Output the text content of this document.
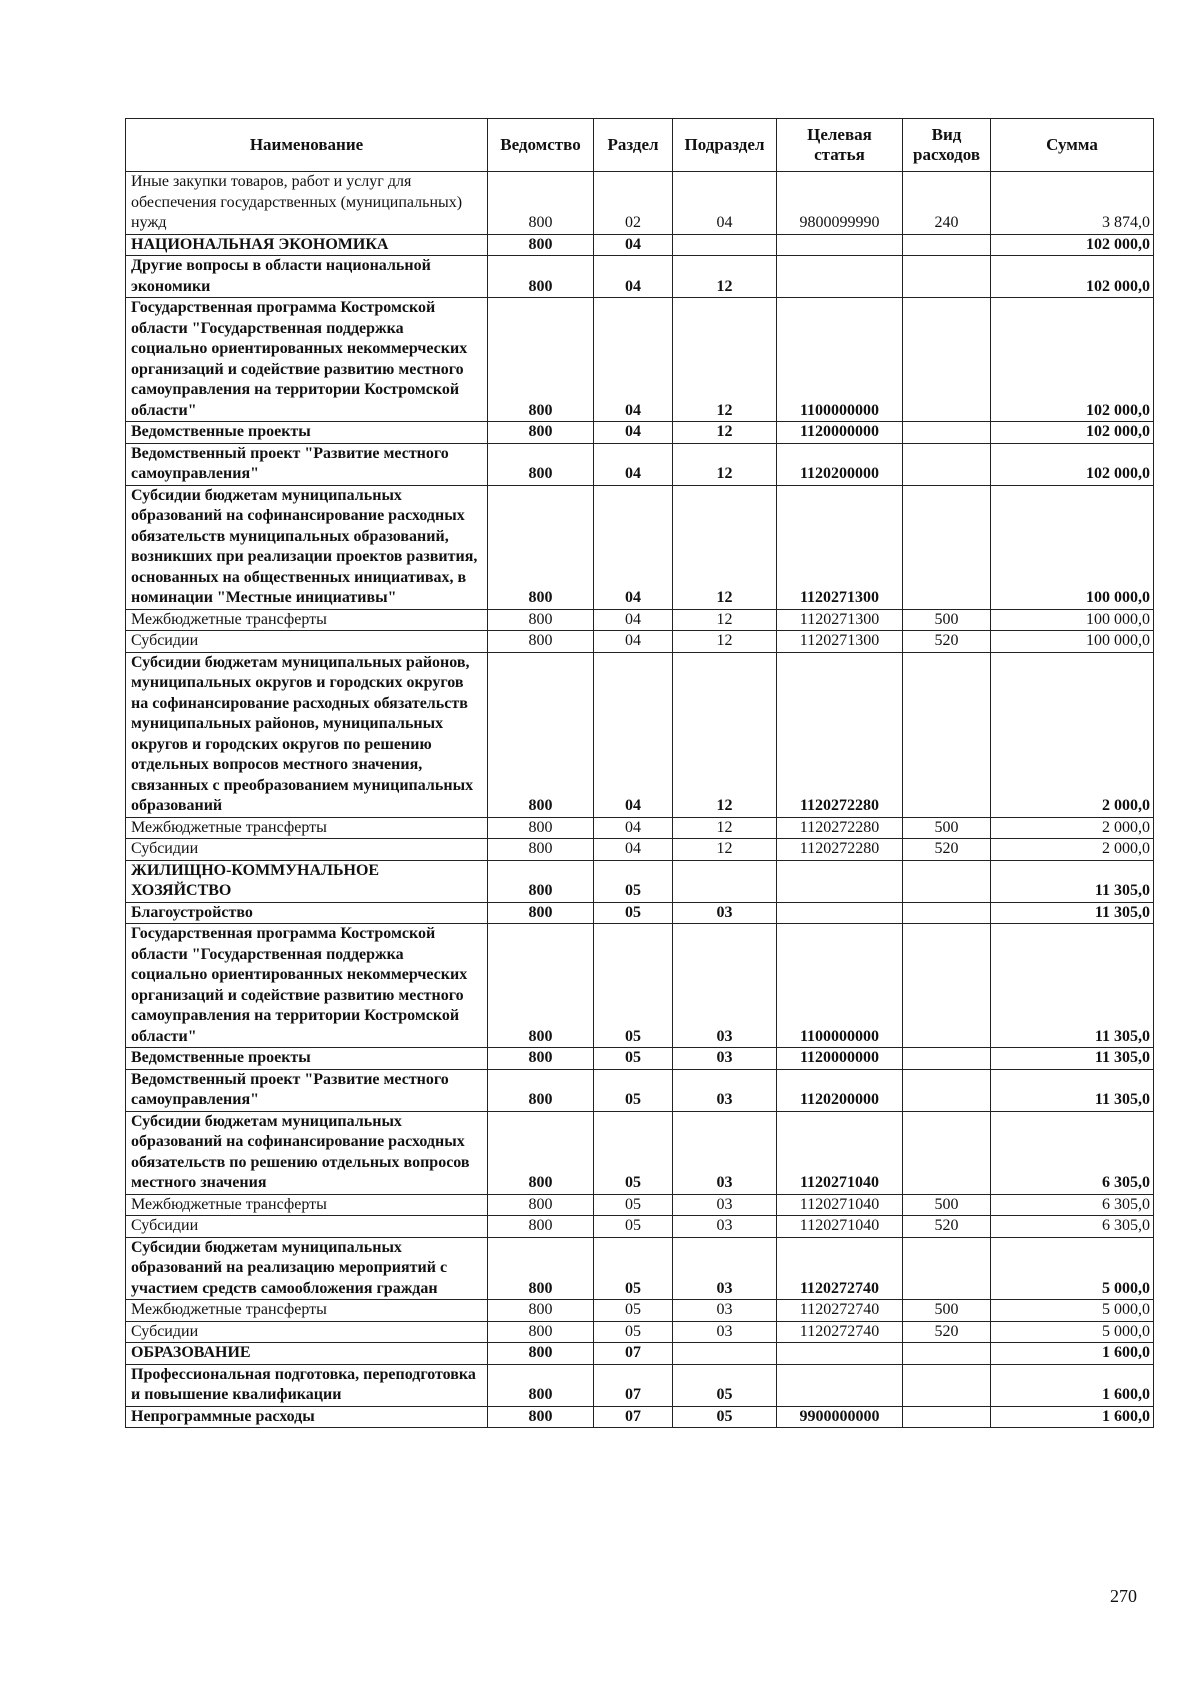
Наименование	Ведомство	Раздел	Подраздел	Целевая статья	Вид расходов	Сумма
Иные закупки товаров, работ и услуг для обеспечения государственных (муниципальных) нужд	800	02	04	9800099990	240	3 874,0
НАЦИОНАЛЬНАЯ ЭКОНОМИКА	800	04				102 000,0
Другие вопросы в области национальной экономики	800	04	12			102 000,0
Государственная программа Костромской области "Государственная поддержка социально ориентированных некоммерческих организаций и содействие развитию местного самоуправления на территории Костромской области"	800	04	12	1100000000		102 000,0
Ведомственные проекты	800	04	12	1120000000		102 000,0
Ведомственный проект "Развитие местного самоуправления"	800	04	12	1120200000		102 000,0
Субсидии бюджетам муниципальных образований на софинансирование расходных обязательств муниципальных образований, возникших при реализации проектов развития, основанных на общественных инициативах, в номинации "Местные инициативы"	800	04	12	1120271300		100 000,0
Межбюджетные трансферты	800	04	12	1120271300	500	100 000,0
Субсидии	800	04	12	1120271300	520	100 000,0
Субсидии бюджетам муниципальных районов, муниципальных округов и городских округов на софинансирование расходных обязательств муниципальных районов, муниципальных округов и городских округов по решению отдельных вопросов местного значения, связанных с преобразованием муниципальных образований	800	04	12	1120272280		2 000,0
Межбюджетные трансферты	800	04	12	1120272280	500	2 000,0
Субсидии	800	04	12	1120272280	520	2 000,0
ЖИЛИЩНО-КОММУНАЛЬНОЕ ХОЗЯЙСТВО	800	05				11 305,0
Благоустройство	800	05	03			11 305,0
Государственная программа Костромской области "Государственная поддержка социально ориентированных некоммерческих организаций и содействие развитию местного самоуправления на территории Костромской области"	800	05	03	1100000000		11 305,0
Ведомственные проекты	800	05	03	1120000000		11 305,0
Ведомственный проект "Развитие местного самоуправления"	800	05	03	1120200000		11 305,0
Субсидии бюджетам муниципальных образований на софинансирование расходных обязательств по решению отдельных вопросов местного значения	800	05	03	1120271040		6 305,0
Межбюджетные трансферты	800	05	03	1120271040	500	6 305,0
Субсидии	800	05	03	1120271040	520	6 305,0
Субсидии бюджетам муниципальных образований на реализацию мероприятий с участием средств самообложения граждан	800	05	03	1120272740		5 000,0
Межбюджетные трансферты	800	05	03	1120272740	500	5 000,0
Субсидии	800	05	03	1120272740	520	5 000,0
ОБРАЗОВАНИЕ	800	07				1 600,0
Профессиональная подготовка, переподготовка и повышение квалификации	800	07	05			1 600,0
Непрограммные расходы	800	07	05	9900000000		1 600,0
270
